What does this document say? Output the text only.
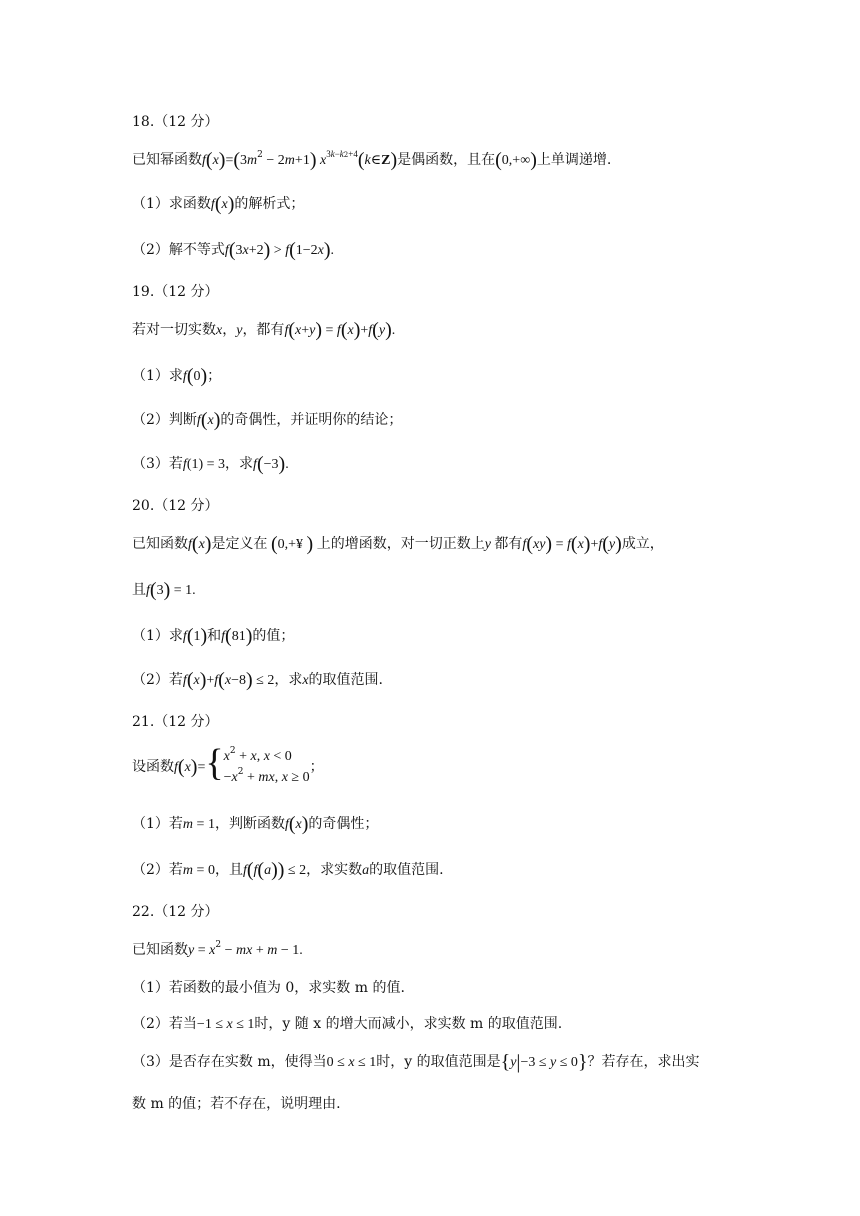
18.（12 分）
已知幂函数$f(x)=(3m^2 - 2m+1)$ $x^{3k-k2+4}(k\in Z)$是偶函数，且在(0,+∞)上单调递增.
（1）求函数f(x)的解析式；
（2）解不等式f(3x+2) > f(1−2x).
19.（12 分）
若对一切实数x，y，都有f(x+y) = f(x)+f(y).
（1）求f(0)；
（2）判断f(x)的奇偶性，并证明你的结论；
（3）若f(1) = 3，求f(−3).
20.（12 分）
已知函数f(x)是定义在 (0,+¥ ) 上的增函数，对一切正数上y 都有f(xy) = f(x)+f(y)成立，
且f(3) = 1.
（1）求f(1)和f(81)的值；
（2）若f(x)+f(x−8) ≤ 2，求x的取值范围.
21.（12 分）
设函数$f(x)=\{x^2 + x$, x < 0
$-x^2$ + mx, x ≥ 0；
（1）若m = 1，判断函数f(x)的奇偶性；
（2）若m = 0，且f(f(a)) ≤ 2，求实数a的取值范围.
22.（12 分）
已知函数$y = x^2$ − mx + m − 1.
（1）若函数的最小值为 0，求实数 m 的值.
（2）若当−1 ≤ x ≤ 1时，y 随 x 的增大而减小，求实数 m 的取值范围.
（3）是否存在实数 m，使得当0 ≤ x ≤ 1时，y 的取值范围是{y|−3 ≤ y ≤ 0}？若存在，求出实
数 m 的值；若不存在，说明理由.
